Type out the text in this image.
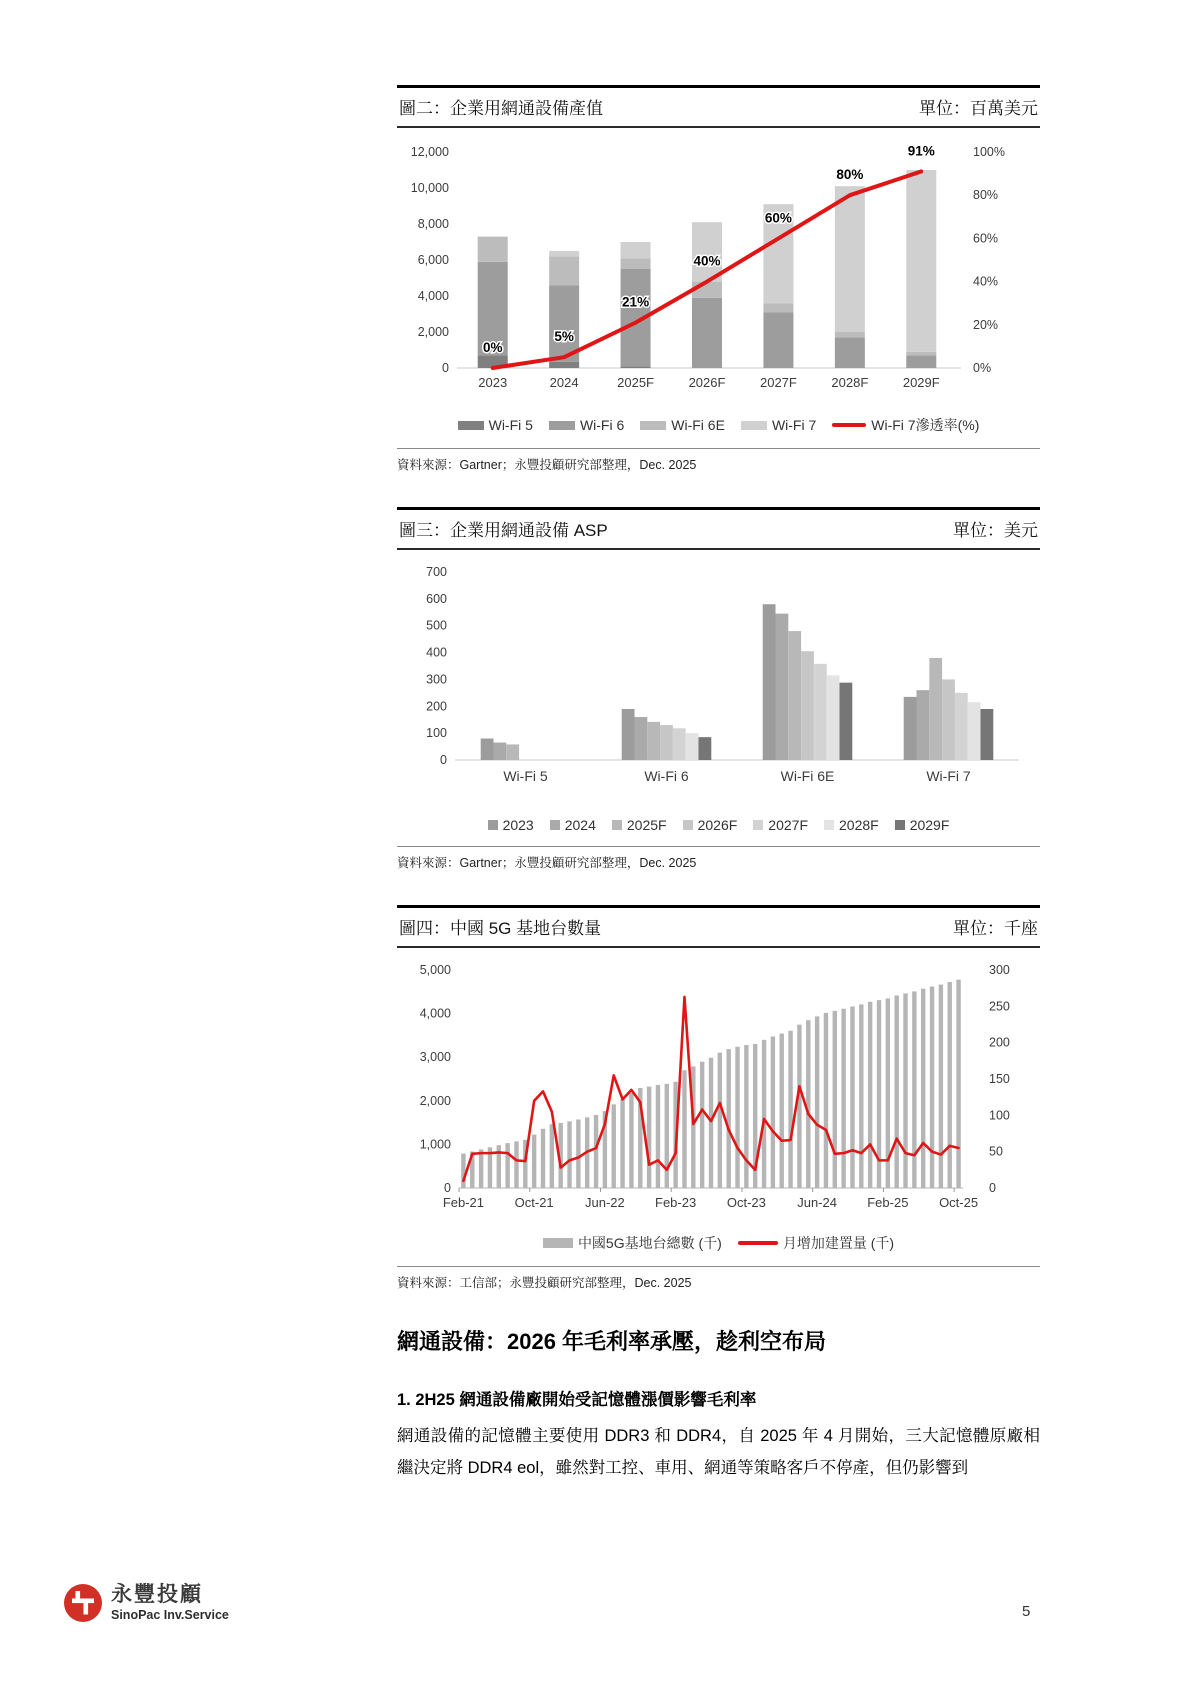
圖二：企業用網通設備產值	單位：百萬美元
0
2,000
4,000
6,000
8,000
10,000
12,000
0%
20%
40%
60%
80%
100%
2023	2024	2025F	2026F	2027F	2028F	2029F
0%
5%
21%
40%
60%
80%
91%
Wi-Fi 5	Wi-Fi 6	Wi-Fi 6E	Wi-Fi 7	Wi-Fi 7滲透率(%)
資料來源：Gartner；永豐投顧研究部整理，Dec. 2025
圖三：企業用網通設備 ASP	單位：美元
0
100
200
300
400
500
600
700
Wi-Fi 5	Wi-Fi 6	Wi-Fi 6E	Wi-Fi 7
2023 2024 2025F 2026F 2027F 2028F 2029F
資料來源：Gartner；永豐投顧研究部整理，Dec. 2025
圖四：中國 5G 基地台數量	單位：千座
0
1,000
2,000
3,000
4,000
5,000
0
50
100
150
200
250
300
Feb-21 Oct-21 Jun-22 Feb-23 Oct-23 Jun-24 Feb-25 Oct-25
中國5G基地台總數 (千)	月增加建置量 (千)
資料來源：工信部；永豐投顧研究部整理，Dec. 2025
網通設備：2026 年毛利率承壓，趁利空布局
1. 2H25 網通設備廠開始受記憶體漲價影響毛利率

網通設備的記憶體主要使用 DDR3 和 DDR4，自 2025 年 4 月開始，三大記憶體原廠相繼決定將 DDR4 eol，雖然對工控、車用、網通等策略客戶不停產，但仍影響到

永豐投顧
SinoPac Inv.Service	5
